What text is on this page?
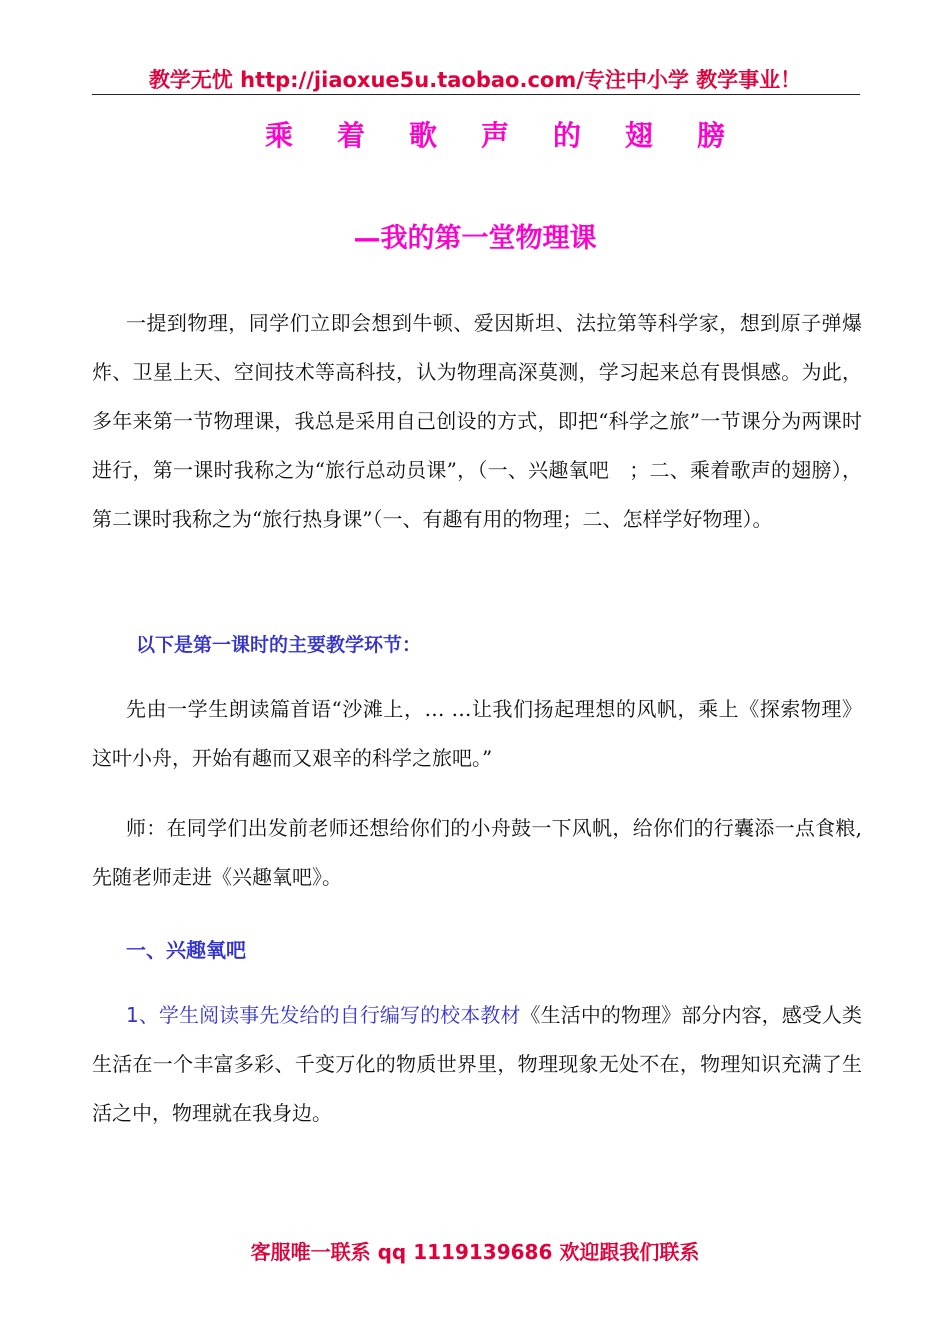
教学无忧 http://jiaoxue5u.taobao.com/专注中小学 教学事业！
乘 着 歌 声 的 翅 膀
—我的第一堂物理课

一提到物理，同学们立即会想到牛顿、爱因斯坦、法拉第等科学家，想到原子弹爆炸、卫星上天、空间技术等高科技，认为物理高深莫测，学习起来总有畏惧感。为此，多年来第一节物理课，我总是采用自己创设的方式，即把“科学之旅”一节课分为两课时进行，第一课时我称之为“旅行总动员课”，（一、兴趣氧吧　；二、乘着歌声的翅膀），第二课时我称之为“旅行热身课”（一、有趣有用的物理；二、怎样学好物理）。

以下是第一课时的主要教学环节：

先由一学生朗读篇首语“沙滩上，… …让我们扬起理想的风帆，乘上《探索物理》这叶小舟，开始有趣而又艰辛的科学之旅吧。”

师：在同学们出发前老师还想给你们的小舟鼓一下风帆，给你们的行囊添一点食粮,先随老师走进《兴趣氧吧》。

一、兴趣氧吧

1、学生阅读事先发给的自行编写的校本教材《生活中的物理》部分内容，感受人类生活在一个丰富多彩、千变万化的物质世界里，物理现象无处不在，物理知识充满了生活之中，物理就在我身边。

客服唯一联系 qq 1119139686 欢迎跟我们联系
